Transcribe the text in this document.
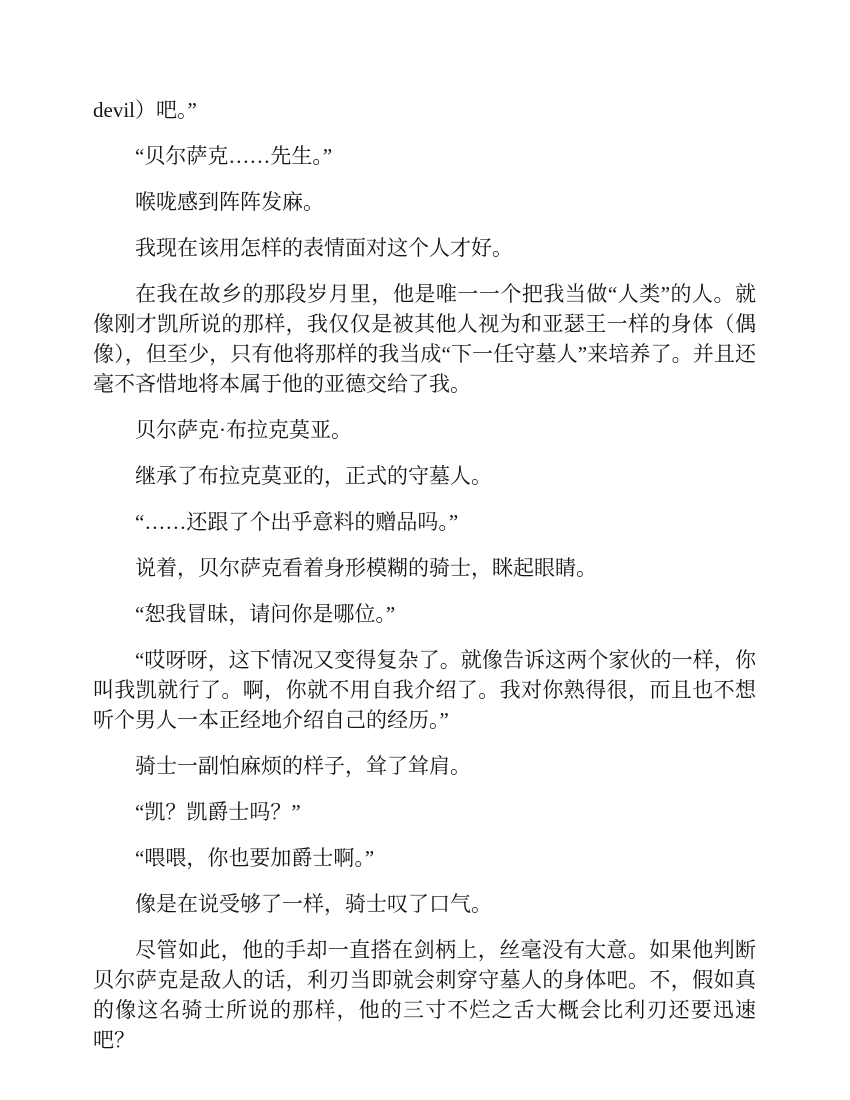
devil）吧。”

“贝尔萨克……先生。”

喉咙感到阵阵发麻。

我现在该用怎样的表情面对这个人才好。

在我在故乡的那段岁月里，他是唯一一个把我当做“人类”的人。就像刚才凯所说的那样，我仅仅是被其他人视为和亚瑟王一样的身体（偶像），但至少，只有他将那样的我当成“下一任守墓人”来培养了。并且还毫不吝惜地将本属于他的亚德交给了我。

贝尔萨克·布拉克莫亚。

继承了布拉克莫亚的，正式的守墓人。

“……还跟了个出乎意料的赠品吗。”

说着，贝尔萨克看着身形模糊的骑士，眯起眼睛。

“恕我冒昧，请问你是哪位。”

“哎呀呀，这下情况又变得复杂了。就像告诉这两个家伙的一样，你叫我凯就行了。啊，你就不用自我介绍了。我对你熟得很，而且也不想听个男人一本正经地介绍自己的经历。”

骑士一副怕麻烦的样子，耸了耸肩。

“凯？凯爵士吗？”

“喂喂，你也要加爵士啊。”

像是在说受够了一样，骑士叹了口气。

尽管如此，他的手却一直搭在剑柄上，丝毫没有大意。如果他判断贝尔萨克是敌人的话，利刃当即就会刺穿守墓人的身体吧。不，假如真的像这名骑士所说的那样，他的三寸不烂之舌大概会比利刃还要迅速吧？
